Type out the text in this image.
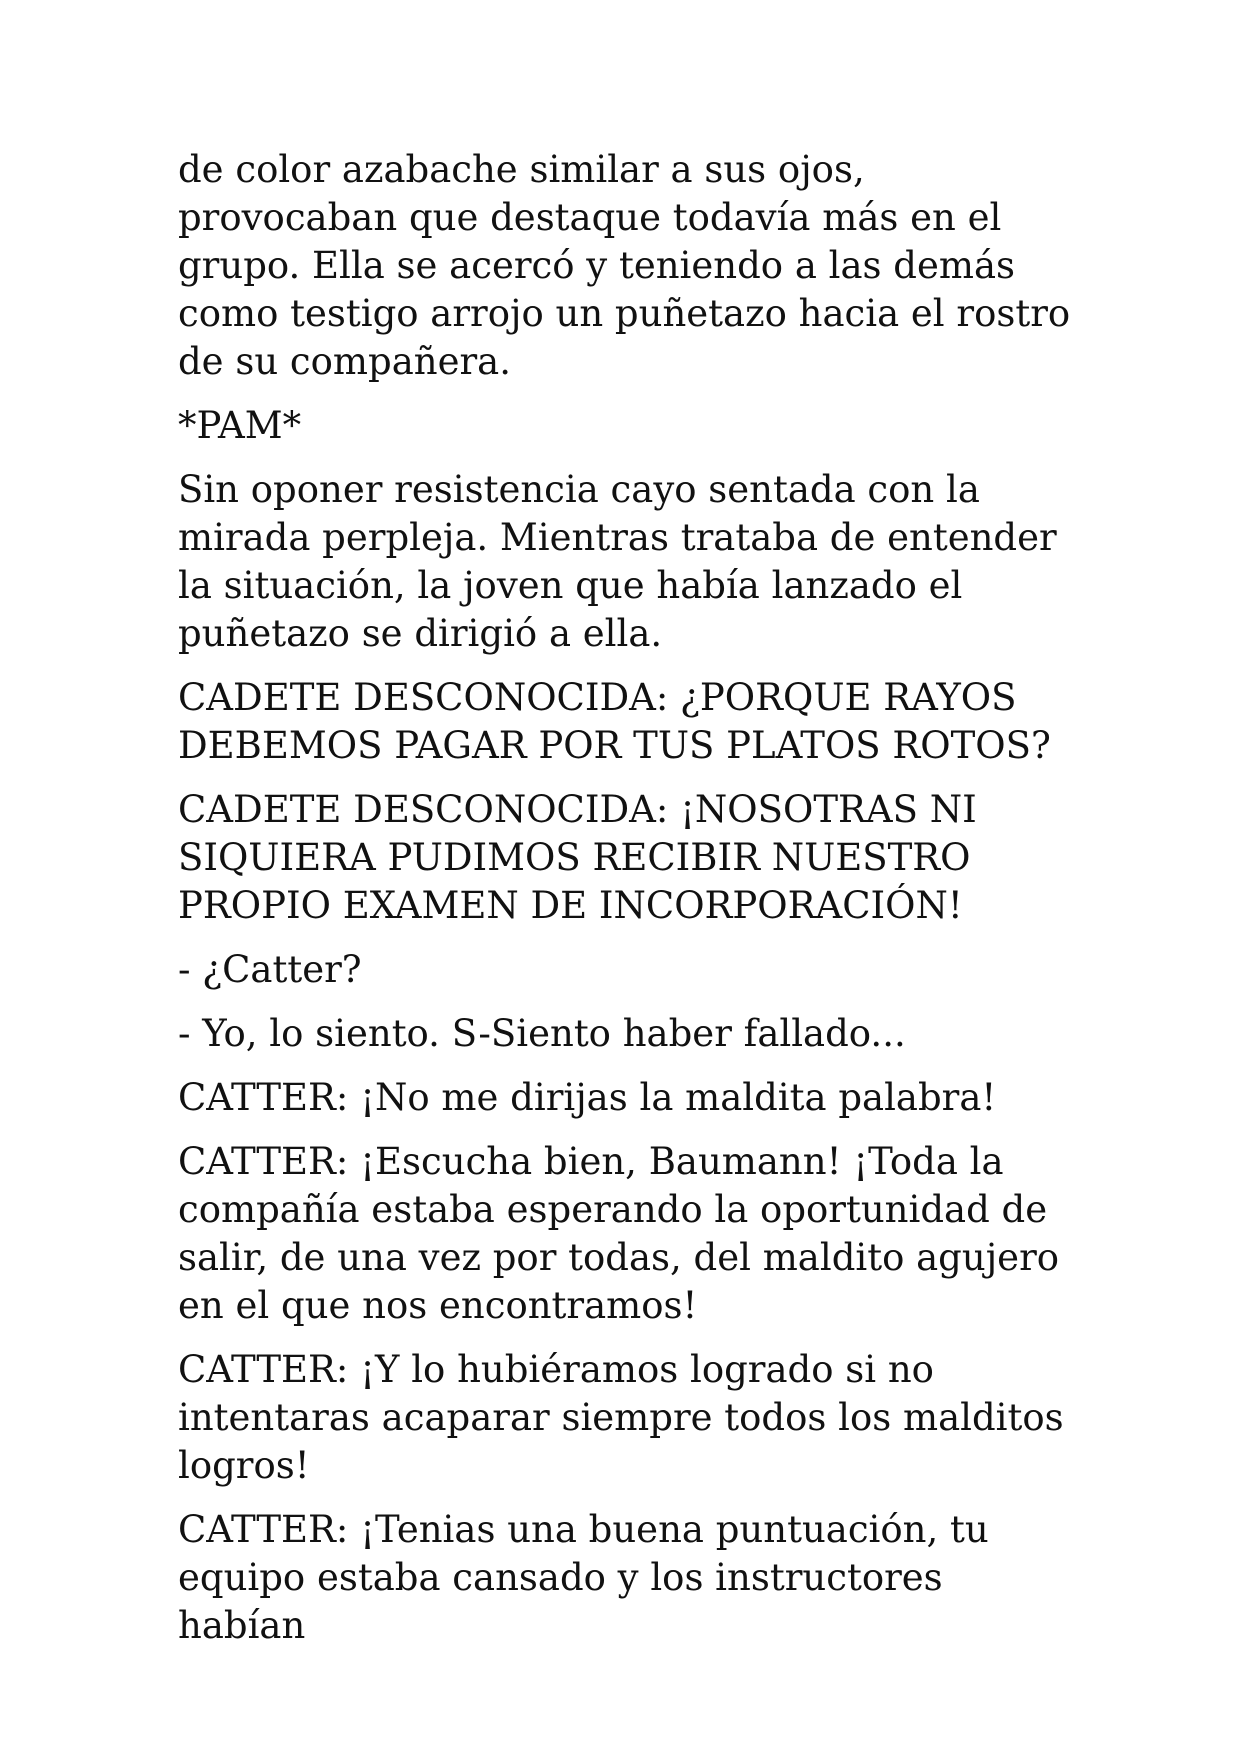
de color azabache similar a sus ojos, provocaban que destaque todavía más en el grupo. Ella se acercó y teniendo a las demás como testigo arrojo un puñetazo hacia el rostro de su compañera.

*PAM*

Sin oponer resistencia cayo sentada con la mirada perpleja. Mientras trataba de entender la situación, la joven que había lanzado el puñetazo se dirigió a ella.

CADETE DESCONOCIDA: ¿PORQUE RAYOS DEBEMOS PAGAR POR TUS PLATOS ROTOS?

CADETE DESCONOCIDA: ¡NOSOTRAS NI SIQUIERA PUDIMOS RECIBIR NUESTRO PROPIO EXAMEN DE INCORPORACIÓN!

- ¿Catter?

- Yo, lo siento. S-Siento haber fallado...

CATTER: ¡No me dirijas la maldita palabra!

CATTER: ¡Escucha bien, Baumann! ¡Toda la compañía estaba esperando la oportunidad de salir, de una vez por todas, del maldito agujero en el que nos encontramos!

CATTER: ¡Y lo hubiéramos logrado si no intentaras acaparar siempre todos los malditos logros!

CATTER: ¡Tenias una buena puntuación, tu equipo estaba cansado y los instructores habían
